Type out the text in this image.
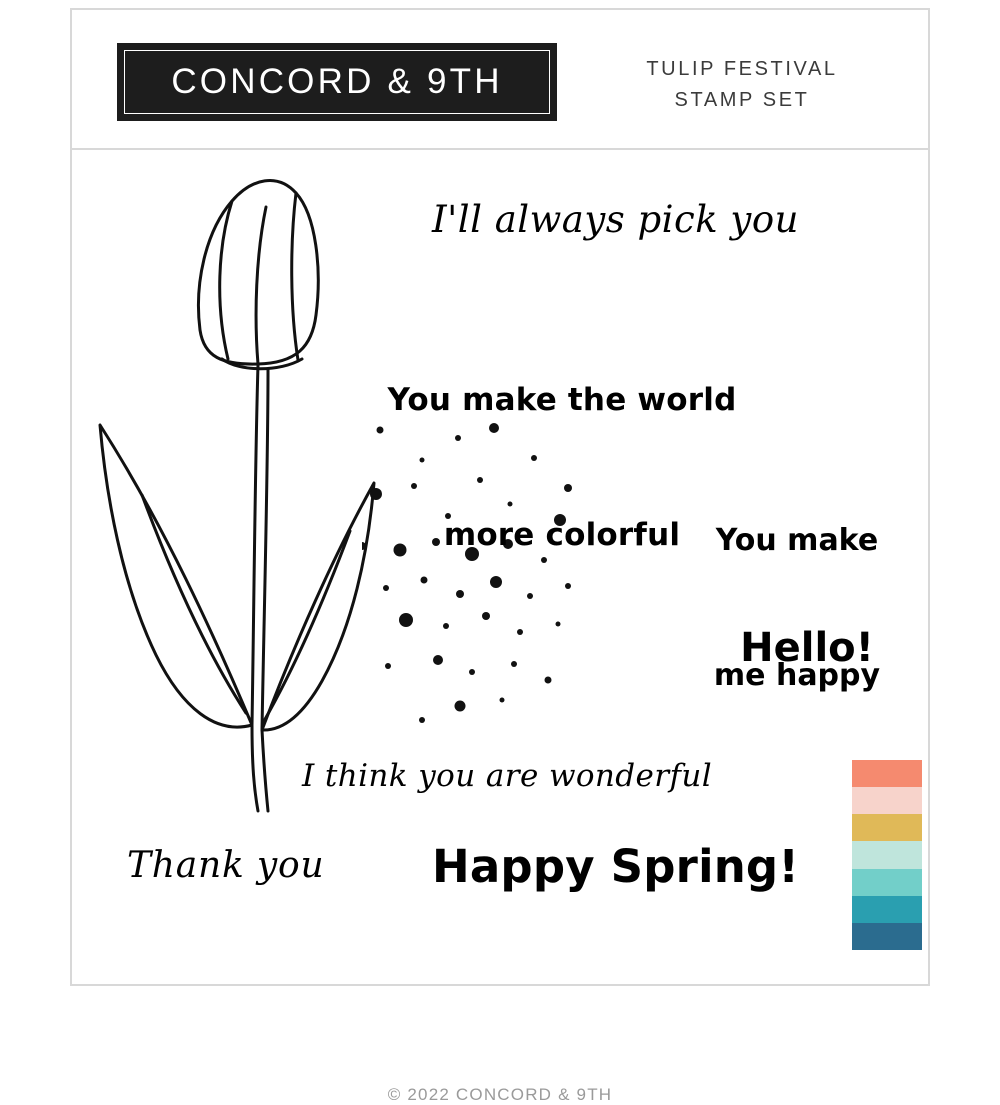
CONCORD & 9TH	TULIP FESTIVAL
STAMP SET
I'll always pick you

You make the world

more colorful

	You make

me happy

Hello!
I think you are wonderful
Thank you Happy Spring!
© 2022 CONCORD & 9TH
